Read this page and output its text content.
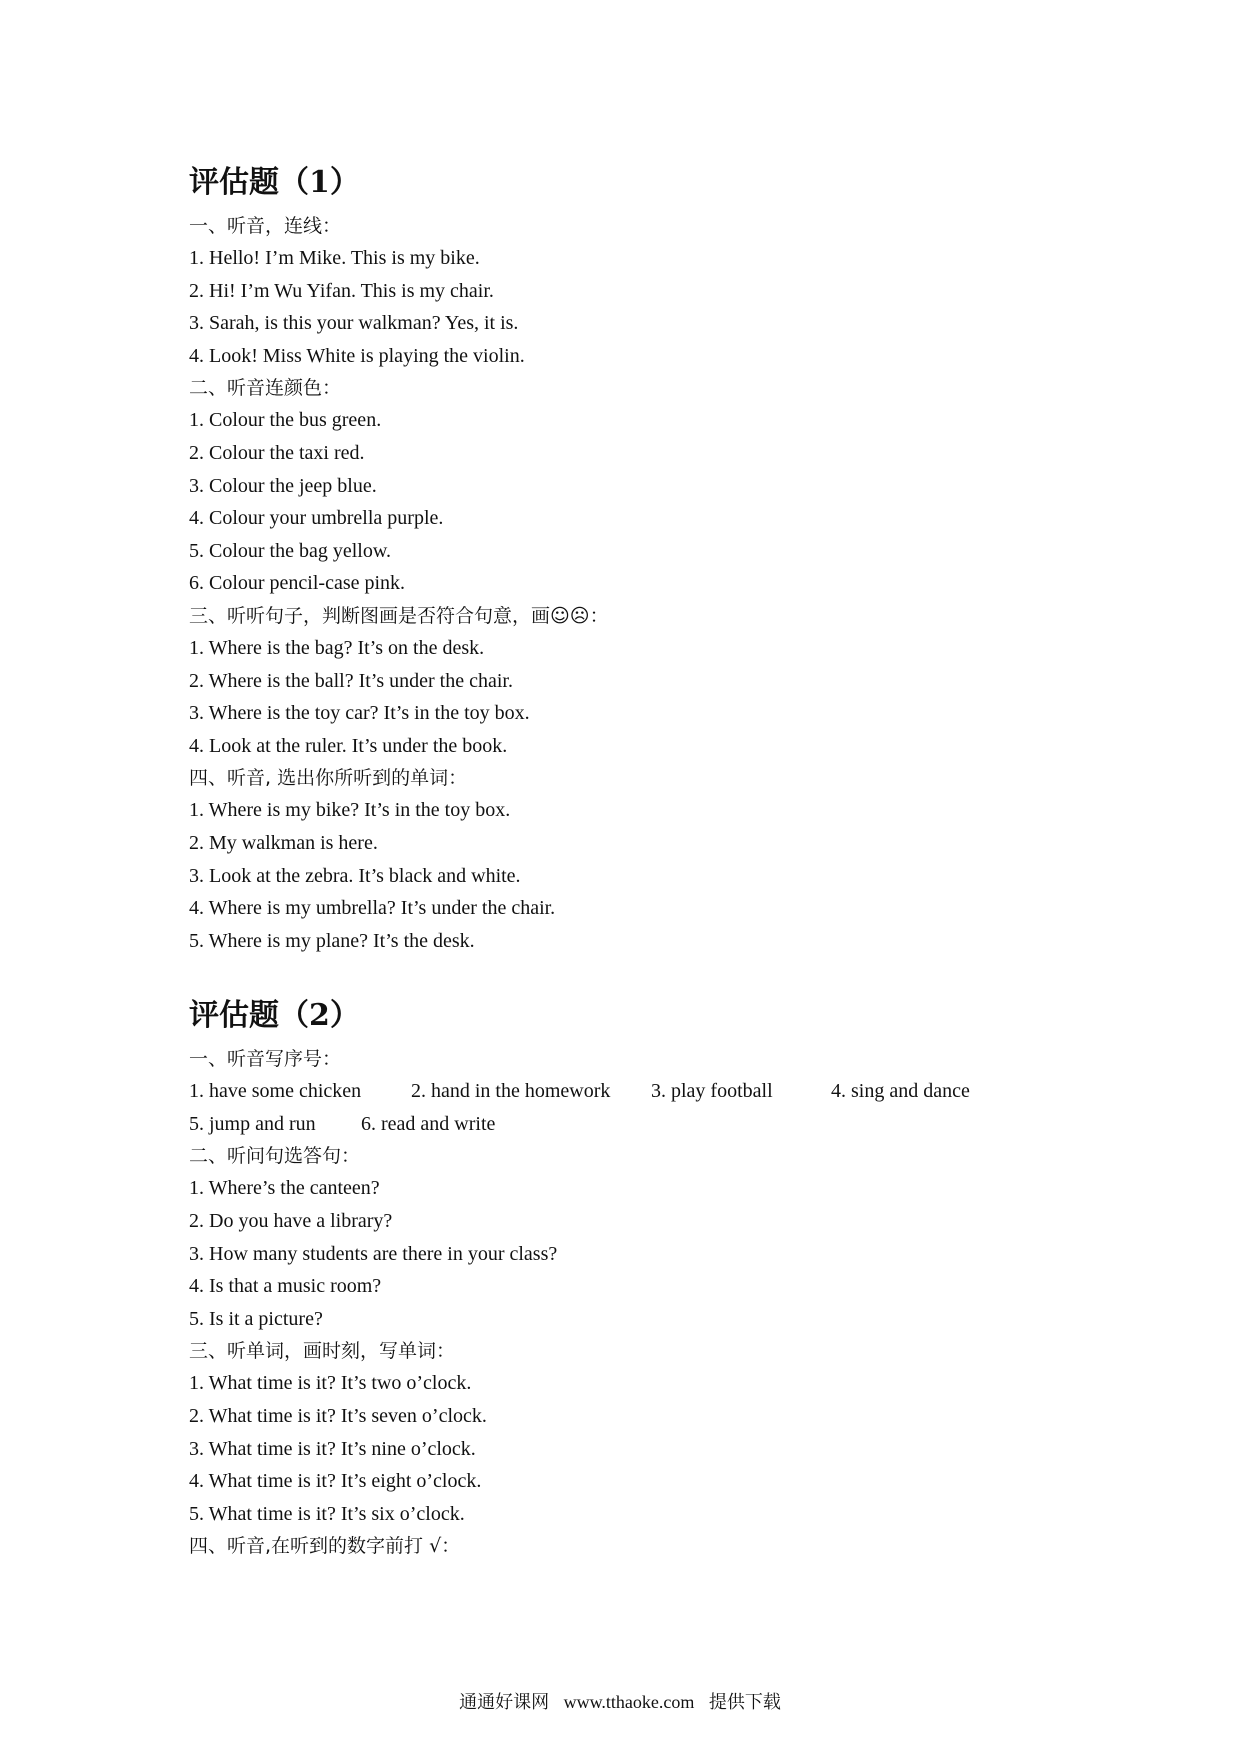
评估题（1）
一、听音，连线：
1. Hello! I’m Mike. This is my bike.
2. Hi! I’m Wu Yifan. This is my chair.
3. Sarah, is this your walkman? Yes, it is.
4. Look! Miss White is playing the violin.
二、听音连颜色：
1. Colour the bus green.
2. Colour the taxi red.
3. Colour the jeep blue.
4. Colour your umbrella purple.
5. Colour the bag yellow.
6. Colour pencil-case pink.
三、听听句子，判断图画是否符合句意，画☺☹：
1. Where is the bag? It’s on the desk.
2. Where is the ball? It’s under the chair.
3. Where is the toy car? It’s in the toy box.
4. Look at the ruler. It’s under the book.
四、听音, 选出你所听到的单词：
1. Where is my bike? It’s in the toy box.
2. My walkman is here.
3. Look at the zebra. It’s black and white.
4. Where is my umbrella? It’s under the chair.
5. Where is my plane? It’s the desk.
评估题（2）
一、听音写序号：
1. have some chicken	2. hand in the homework	3. play football	4. sing and dance
5. jump and run	6. read and write
二、听问句选答句：
1. Where’s the canteen?
2. Do you have a library?
3. How many students are there in your class?
4. Is that a music room?
5. Is it a picture?
三、听单词，画时刻，写单词：
1. What time is it? It’s two o’clock.
2. What time is it? It’s seven o’clock.
3. What time is it? It’s nine o’clock.
4. What time is it? It’s eight o’clock.
5. What time is it? It’s six o’clock.
四、听音,在听到的数字前打 √：
通通好课网 www.tthaoke.com 提供下载
